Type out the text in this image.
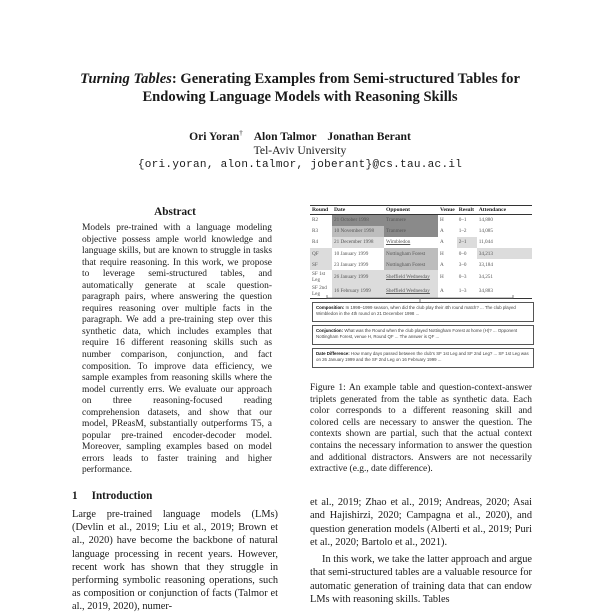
Turning Tables: Generating Examples from Semi-structured Tables for
Endowing Language Models with Reasoning Skills
Ori Yoran† Alon Talmor Jonathan Berant
Tel-Aviv University
{ori.yoran, alon.talmor, joberant}@cs.tau.ac.il
Abstract
Models pre-trained with a language modeling objective possess ample world knowledge and language skills, but are known to struggle in tasks that require reasoning. In this work, we propose to leverage semi-structured tables, and automatically generate at scale question-paragraph pairs, where answering the question requires reasoning over multiple facts in the paragraph. We add a pre-training step over this synthetic data, which includes examples that require 16 different reasoning skills such as number comparison, conjunction, and fact composition. To improve data efficiency, we sample examples from reasoning skills where the model currently errs. We evaluate our approach on three reasoning-focused reading comprehension datasets, and show that our model, PReasM, substantially outperforms T5, a popular pre-trained encoder-decoder model. Moreover, sampling examples based on model errors leads to faster training and higher performance.
1 Introduction
Large pre-trained language models (LMs) (Devlin et al., 2019; Liu et al., 2019; Brown et al., 2020) have become the backbone of natural language processing in recent years. However, recent work has shown that they struggle in performing symbolic reasoning operations, such as composition or conjunction of facts (Talmor et al., 2019, 2020), numer-
Round	Date	Opponent	Venue	Result	Attendance
R2	21 October 1998	Tranmere	H	0–1	14,880
R3	10 November 1998	Tranmere	A	1–2	14,085
R4	21 December 1998	Wimbledon	A	2–1	11,044
QF	10 January 1999	Nottingham Forest	H	0–0	34,213
SF	23 January 1999	Nottingham Forest	A	3–0	33,184
SF 1st Leg	26 January 1999	Sheffield Wednesday	H	0–3	34,251
SF 2nd Leg	16 February 1999	Sheffield Wednesday	A	1–3	34,883
Composition: In 1998–1999 season, when did the club play their 4th round match? ... The club played Wimbledon in the 4th round on 21 December 1998 ...
Conjunction: What was the Round when the club played Nottingham Forest at home (H)? ... Opponent Nottingham Forest, venue H, Round QF ... The answer is QF ...
Date Difference: How many days passed between the club's SF 1st Leg and SF 2nd Leg? ... SF 1st Leg was on 26 January 1999 and the SF 2nd Leg on 16 February 1999 ...
Figure 1: An example table and question-context-answer triplets generated from the table as synthetic data. Each color corresponds to a different reasoning skill and colored cells are necessary to answer the question. The contexts shown are partial, such that the actual context contains the necessary information to answer the question and additional distractors. Answers are not necessarily extractive (e.g., date difference).
et al., 2019; Zhao et al., 2019; Andreas, 2020; Asai and Hajishirzi, 2020; Campagna et al., 2020), and question generation models (Alberti et al., 2019; Puri et al., 2020; Bartolo et al., 2021).
In this work, we take the latter approach and argue that semi-structured tables are a valuable resource for automatic generation of training data that can endow LMs with reasoning skills. Tables
